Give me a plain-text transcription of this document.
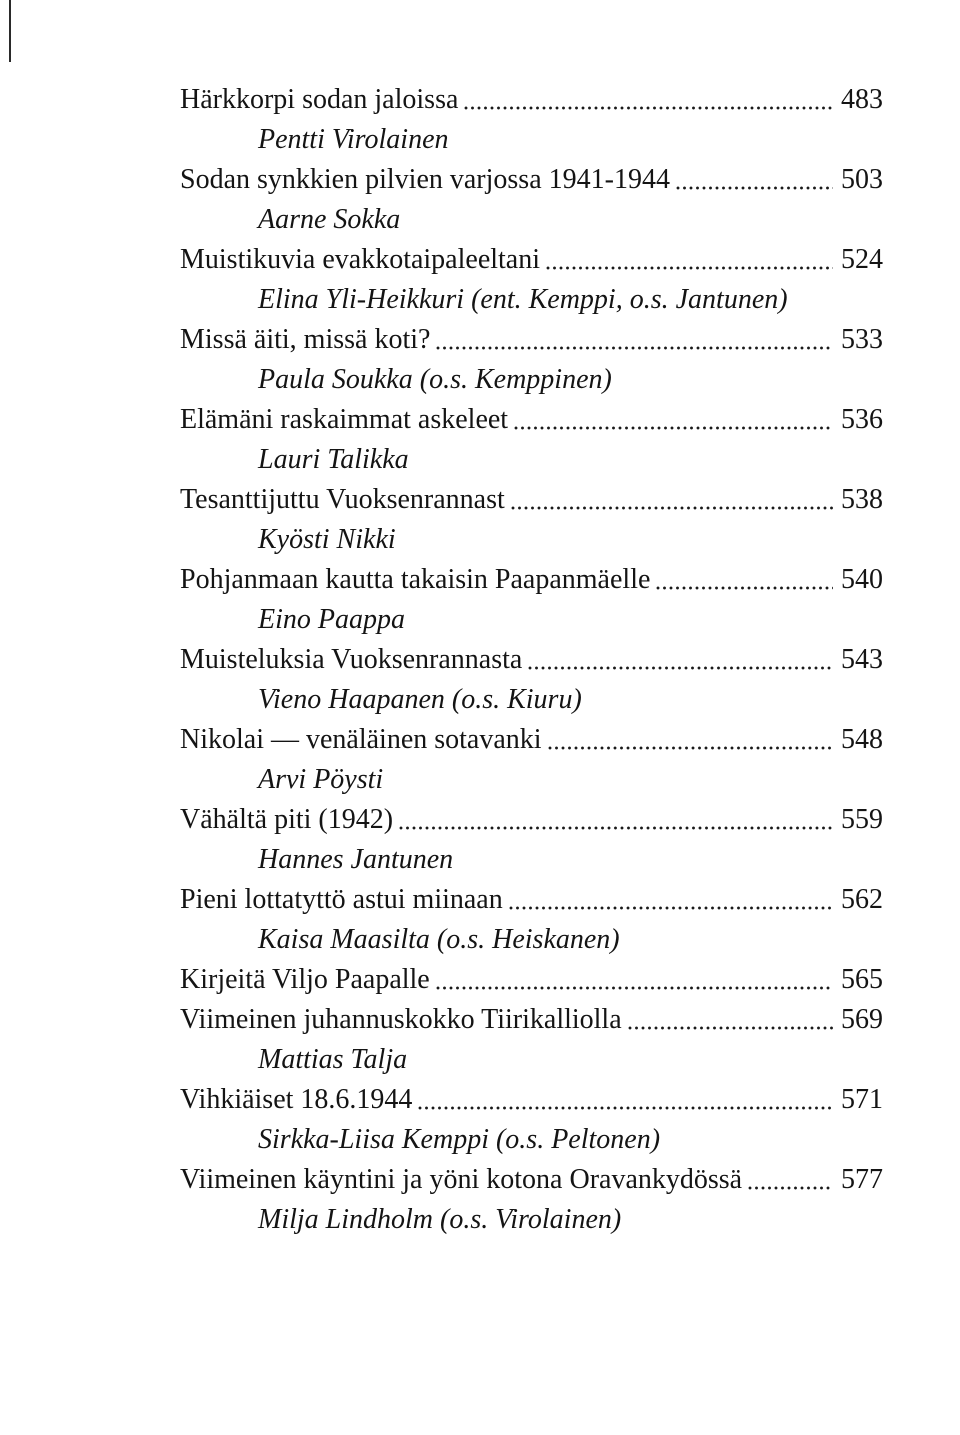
Härkkorpi sodan jaloissa	483
Pentti Virolainen
Sodan synkkien pilvien varjossa 1941-1944	503
Aarne Sokka
Muistikuvia evakkotaipaleeltani	524
Elina Yli-Heikkuri (ent. Kemppi, o.s. Jantunen)
Missä äiti, missä koti?	533
Paula Soukka (o.s. Kemppinen)
Elämäni raskaimmat askeleet	536
Lauri Talikka
Tesanttijuttu Vuoksenrannast	538
Kyösti Nikki
Pohjanmaan kautta takaisin Paapanmäelle	540
Eino Paappa
Muisteluksia Vuoksenrannasta	543
Vieno Haapanen (o.s. Kiuru)
Nikolai — venäläinen sotavanki	548
Arvi Pöysti
Vähältä piti (1942)	559
Hannes Jantunen
Pieni lottatyttö astui miinaan	562
Kaisa Maasilta (o.s. Heiskanen)
Kirjeitä Viljo Paapalle	565
Viimeinen juhannuskokko Tiirikalliolla	569
Mattias Talja
Vihkiäiset 18.6.1944	571
Sirkka-Liisa Kemppi (o.s. Peltonen)
Viimeinen käyntini ja yöni kotona Oravankydössä	577
Milja Lindholm (o.s. Virolainen)
